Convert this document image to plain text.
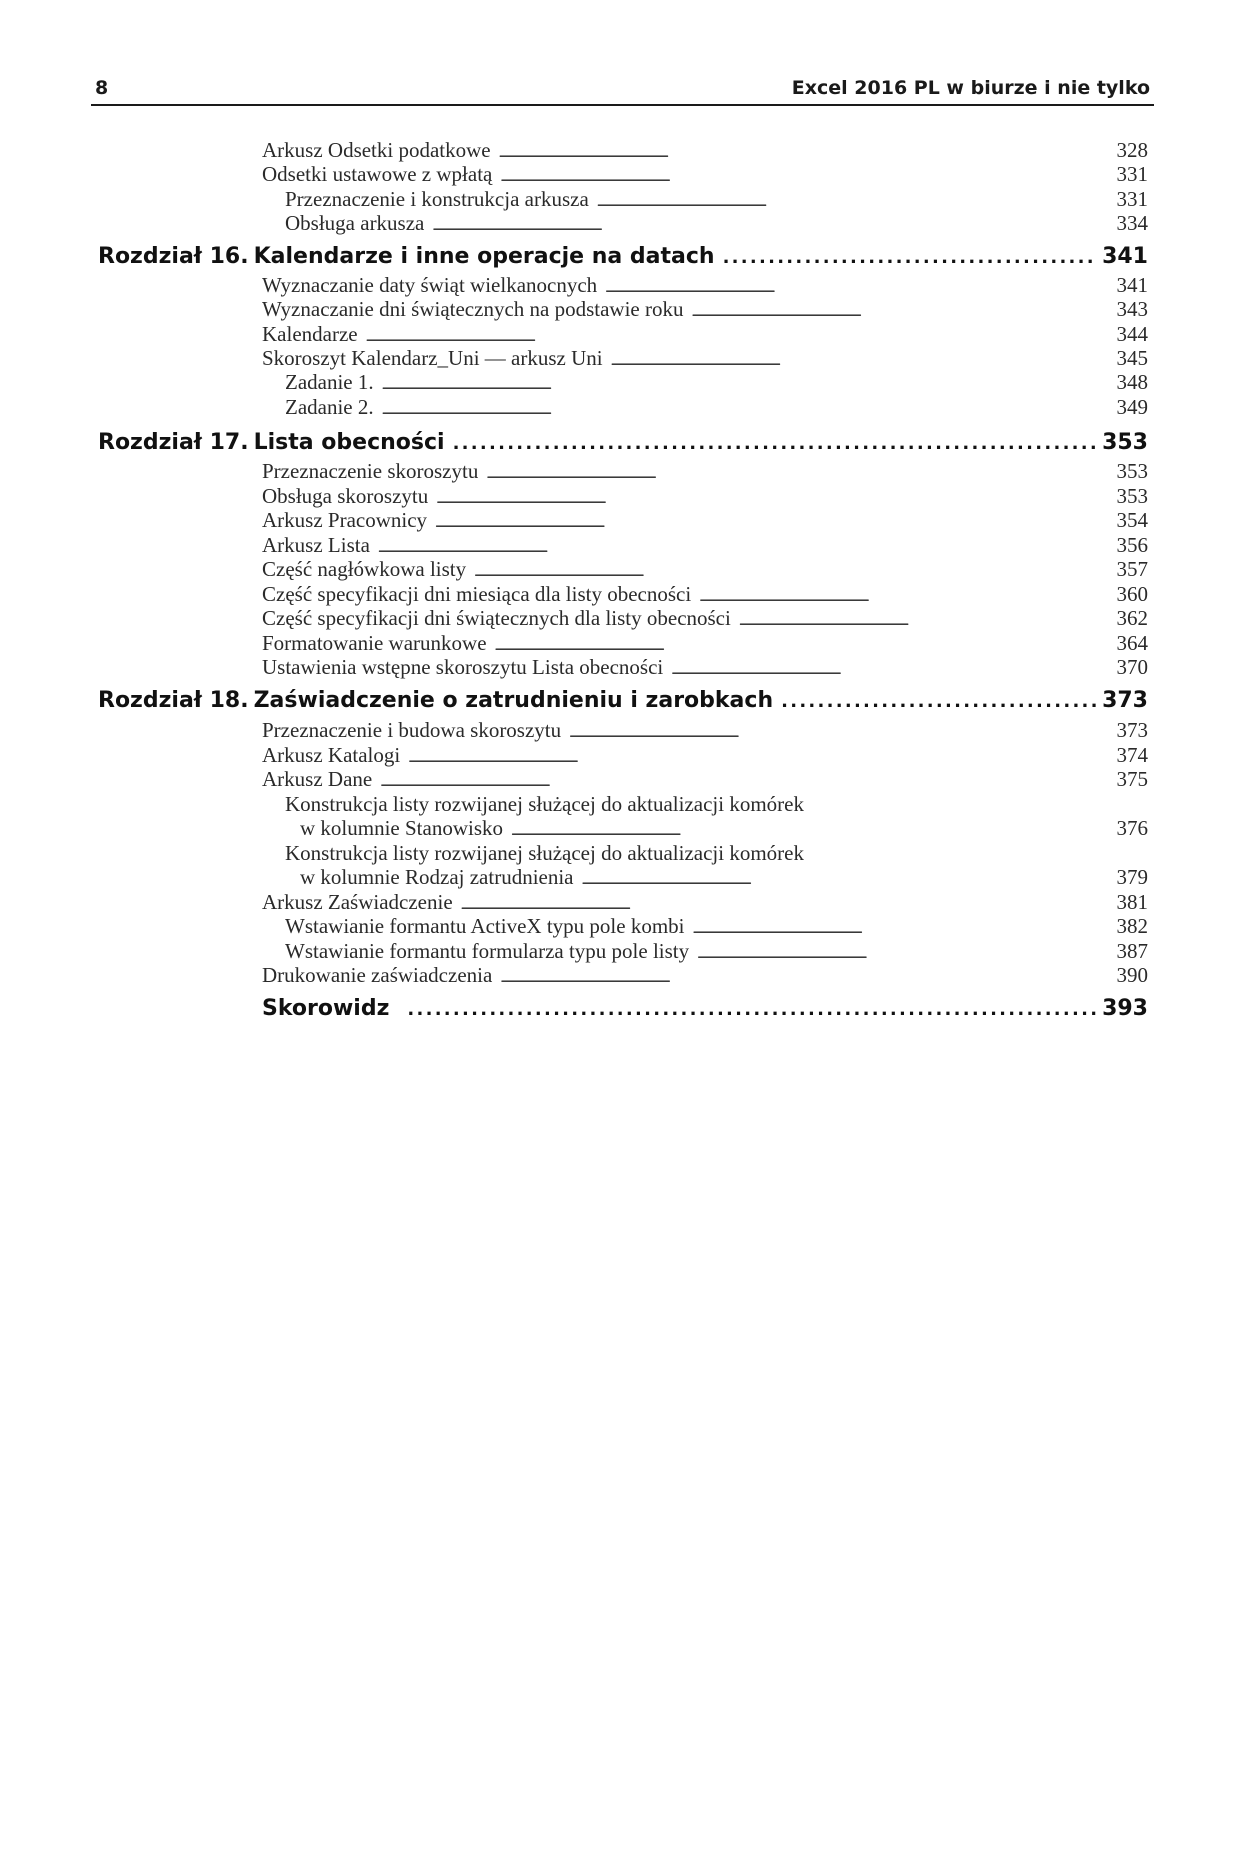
8	Excel 2016 PL w biurze i nie tylko
Arkusz Odsetki podatkowe . . .	328
Odsetki ustawowe z wpłatą . . .	331
Przeznaczenie i konstrukcja arkusza . . .	331
Obsługa arkusza . . .	334
Rozdział 16. Kalendarze i inne operacje na datach . . .	341
Wyznaczanie daty świąt wielkanocnych . . .	341
Wyznaczanie dni świątecznych na podstawie roku . . .	343
Kalendarze . . .	344
Skoroszyt Kalendarz_Uni — arkusz Uni . . .	345
Zadanie 1. . . .	348
Zadanie 2. . . .	349
Rozdział 17. Lista obecności . . .	353
Przeznaczenie skoroszytu . . .	353
Obsługa skoroszytu . . .	353
Arkusz Pracownicy . . .	354
Arkusz Lista . . .	356
Część nagłówkowa listy . . .	357
Część specyfikacji dni miesiąca dla listy obecności . . .	360
Część specyfikacji dni świątecznych dla listy obecności . . .	362
Formatowanie warunkowe . . .	364
Ustawienia wstępne skoroszytu Lista obecności . . .	370
Rozdział 18. Zaświadczenie o zatrudnieniu i zarobkach . . .	373
Przeznaczenie i budowa skoroszytu . . .	373
Arkusz Katalogi . . .	374
Arkusz Dane . . .	375
Konstrukcja listy rozwijanej służącej do aktualizacji komórek
w kolumnie Stanowisko . . .	376
Konstrukcja listy rozwijanej służącej do aktualizacji komórek
w kolumnie Rodzaj zatrudnienia . . .	379
Arkusz Zaświadczenie . . .	381
Wstawianie formantu ActiveX typu pole kombi . . .	382
Wstawianie formantu formularza typu pole listy . . .	387
Drukowanie zaświadczenia . . .	390
Skorowidz . . .	393
